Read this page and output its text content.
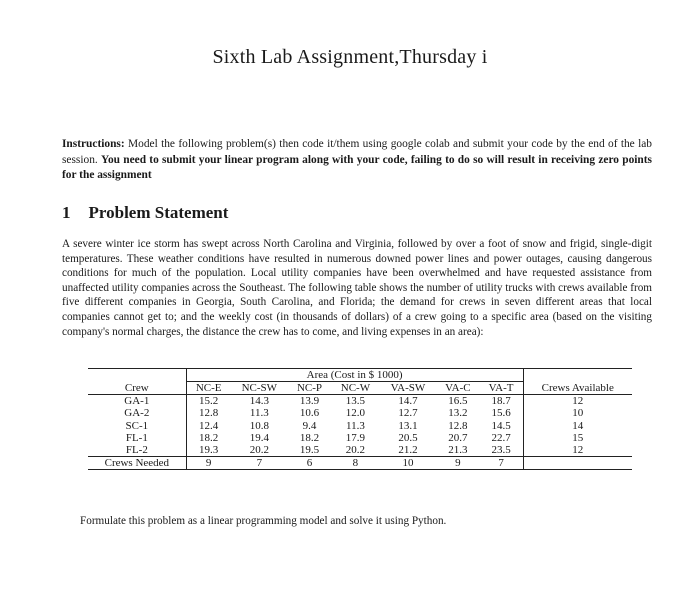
Sixth Lab Assignment,Thursday i
Instructions: Model the following problem(s) then code it/them using google colab and submit your code by the end of the lab session. You need to submit your linear program along with your code, failing to do so will result in receiving zero points for the assignment
1 Problem Statement
A severe winter ice storm has swept across North Carolina and Virginia, followed by over a foot of snow and frigid, single-digit temperatures. These weather conditions have resulted in numerous downed power lines and power outages, causing dangerous conditions for much of the population. Local utility companies have been overwhelmed and have requested assistance from unaffected utility companies across the Southeast. The following table shows the number of utility trucks with crews available from five different companies in Georgia, South Carolina, and Florida; the demand for crews in seven different areas that local companies cannot get to; and the weekly cost (in thousands of dollars) of a crew going to a specific area (based on the visiting company's normal charges, the distance the crew has to come, and living expenses in an area):

	Area (Cost in $ 1000)							
Crew	NC-E	NC-SW	NC-P	NC-W	VA-SW	VA-C	VA-T	Crews Available
GA-1	15.2	14.3	13.9	13.5	14.7	16.5	18.7	12
GA-2	12.8	11.3	10.6	12.0	12.7	13.2	15.6	10
SC-1	12.4	10.8	9.4	11.3	13.1	12.8	14.5	14
FL-1	18.2	19.4	18.2	17.9	20.5	20.7	22.7	15
FL-2	19.3	20.2	19.5	20.2	21.2	21.3	23.5	12
Crews Needed	9	7	6	8	10	9	7	

Formulate this problem as a linear programming model and solve it using Python.
